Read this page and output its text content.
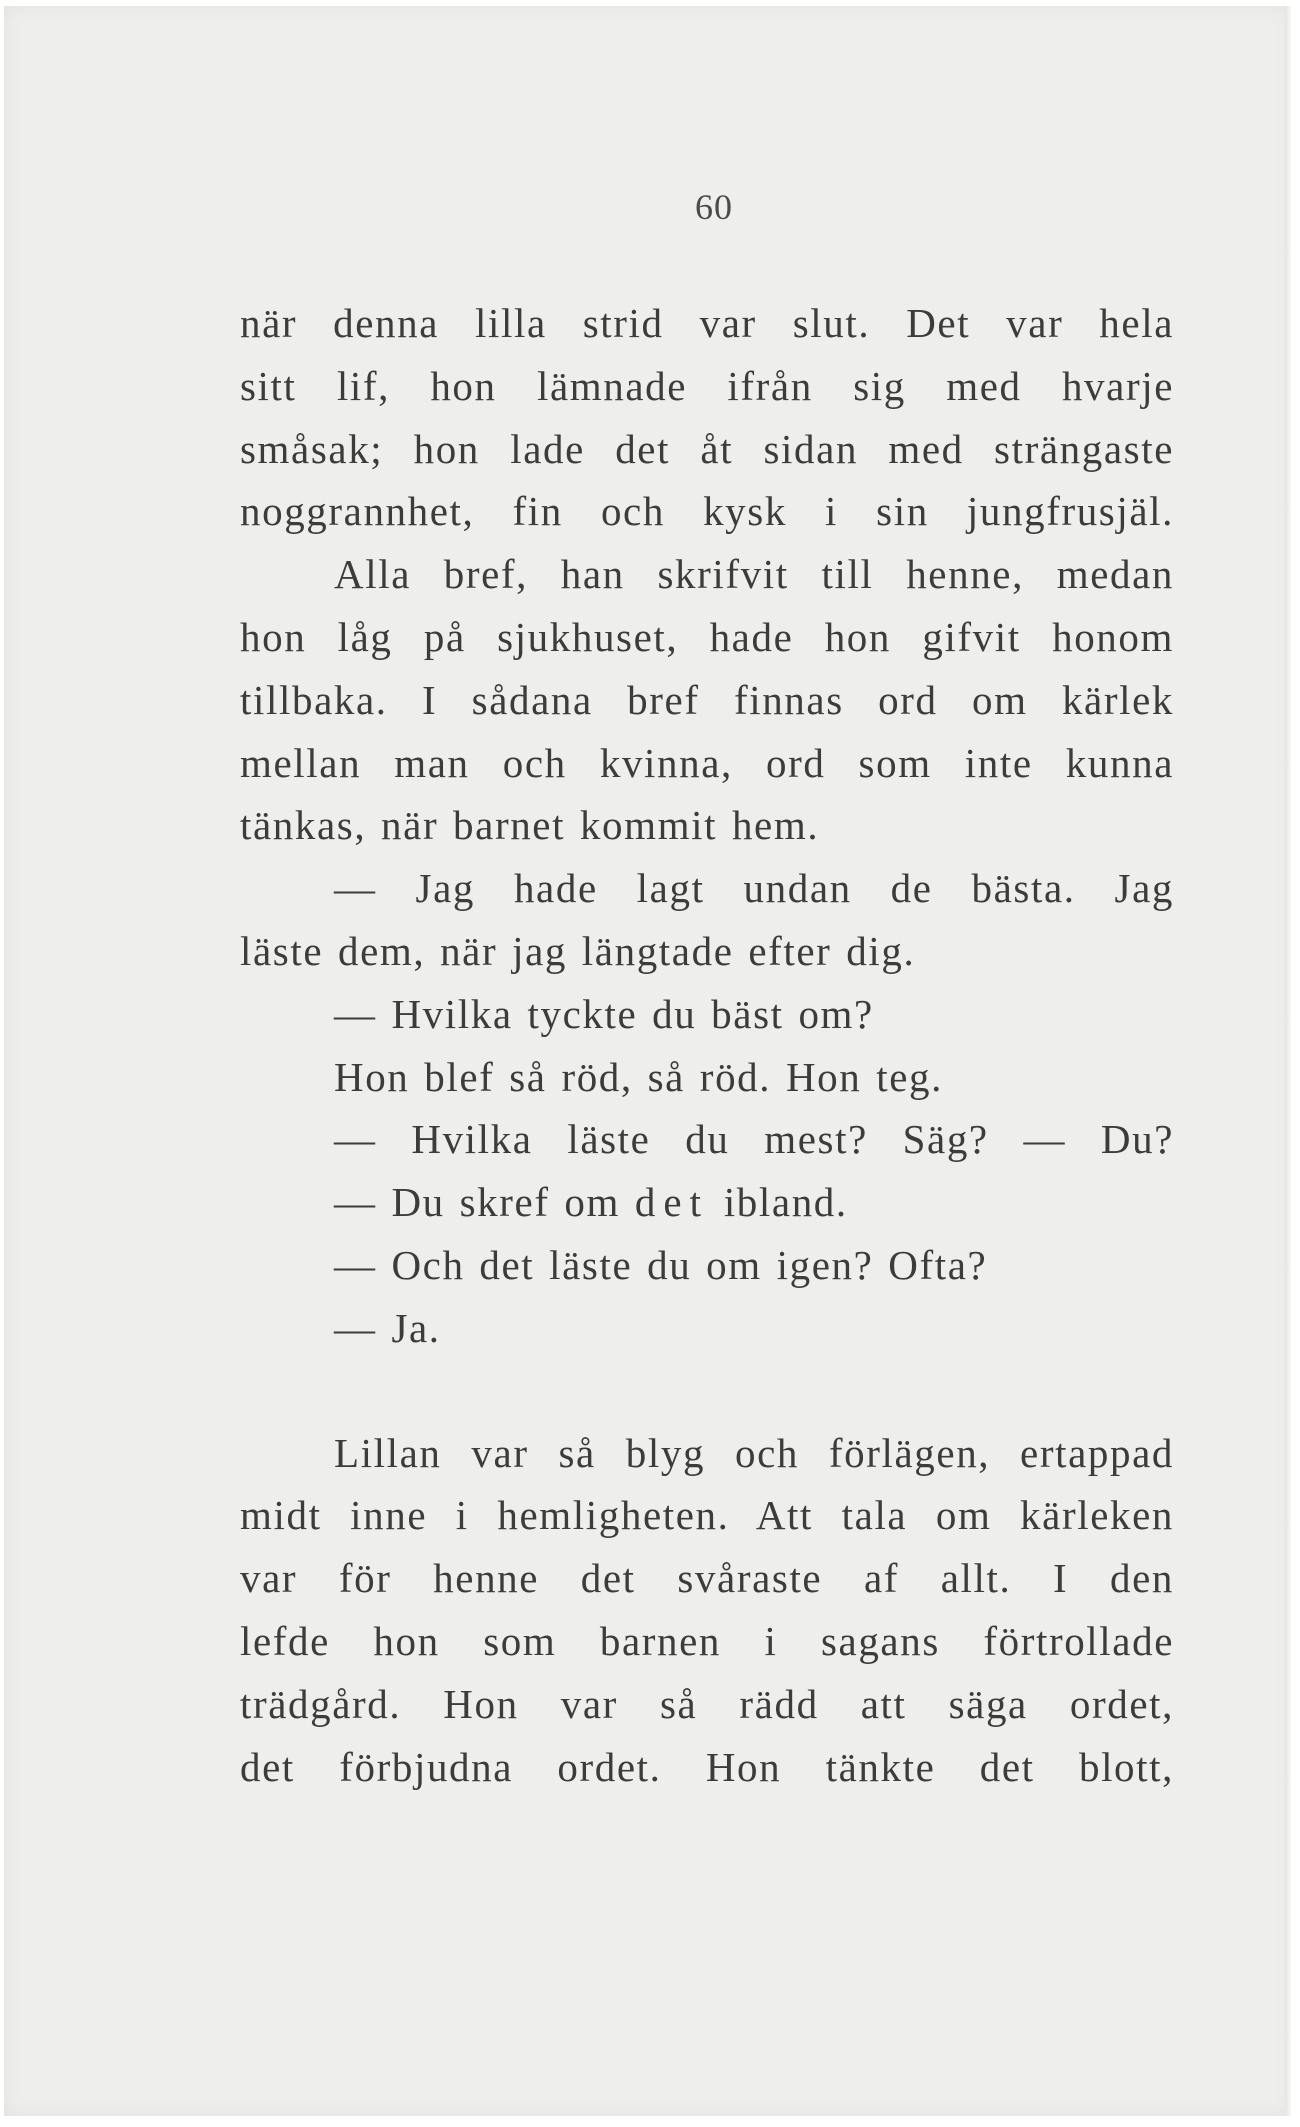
60
när denna lilla strid var slut. Det var hela
sitt lif, hon lämnade ifrån sig med hvarje
småsak; hon lade det åt sidan med strängaste
noggrannhet, fin och kysk i sin jungfrusjäl.
Alla bref, han skrifvit till henne, medan
hon låg på sjukhuset, hade hon gifvit honom
tillbaka. I sådana bref finnas ord om kärlek
mellan man och kvinna, ord som inte kunna
tänkas, när barnet kommit hem.
— Jag hade lagt undan de bästa. Jag
läste dem, när jag längtade efter dig.
— Hvilka tyckte du bäst om?
Hon blef så röd, så röd. Hon teg.
— Hvilka läste du mest? Säg? — Du?
— Du skref om det ibland.
— Och det läste du om igen? Ofta?
— Ja.
Lillan var så blyg och förlägen, ertappad
midt inne i hemligheten. Att tala om kärleken
var för henne det svåraste af allt. I den
lefde hon som barnen i sagans förtrollade
trädgård. Hon var så rädd att säga ordet,
det förbjudna ordet. Hon tänkte det blott,
